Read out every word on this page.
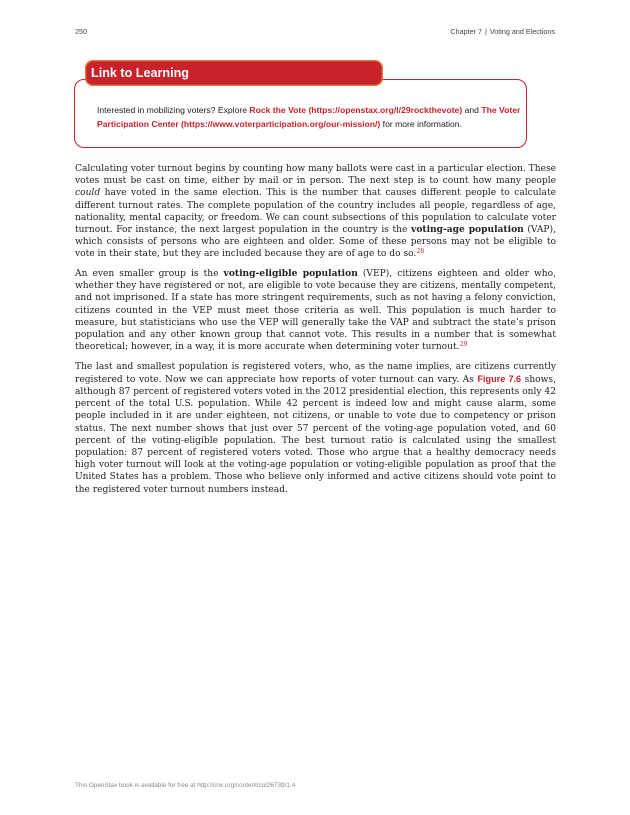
250	Chapter 7 | Voting and Elections
Link to Learning
Interested in mobilizing voters? Explore Rock the Vote (https://openstax.org/l/29rockthevote) and The Voter Participation Center (https://www.voterparticipation.org/our-mission/) for more information.

Calculating voter turnout begins by counting how many ballots were cast in a particular election. These votes must be cast on time, either by mail or in person. The next step is to count how many people could have voted in the same election. This is the number that causes different people to calculate different turnout rates. The complete population of the country includes all people, regardless of age, nationality, mental capacity, or freedom. We can count subsections of this population to calculate voter turnout. For instance, the next largest population in the country is the voting-age population (VAP), which consists of persons who are eighteen and older. Some of these persons may not be eligible to vote in their state, but they are included because they are of age to do so.$^{28}$

An even smaller group is the voting-eligible population (VEP), citizens eighteen and older who, whether they have registered or not, are eligible to vote because they are citizens, mentally competent, and not imprisoned. If a state has more stringent requirements, such as not having a felony conviction, citizens counted in the VEP must meet those criteria as well. This population is much harder to measure, but statisticians who use the VEP will generally take the VAP and subtract the state’s prison population and any other known group that cannot vote. This results in a number that is somewhat theoretical; however, in a way, it is more accurate when determining voter turnout.$^{29}$

The last and smallest population is registered voters, who, as the name implies, are citizens currently registered to vote. Now we can appreciate how reports of voter turnout can vary. As Figure 7.6 shows, although 87 percent of registered voters voted in the 2012 presidential election, this represents only 42 percent of the total U.S. population. While 42 percent is indeed low and might cause alarm, some people included in it are under eighteen, not citizens, or unable to vote due to competency or prison status. The next number shows that just over 57 percent of the voting-age population voted, and 60 percent of the voting-eligible population. The best turnout ratio is calculated using the smallest population: 87 percent of registered voters voted. Those who argue that a healthy democracy needs high voter turnout will look at the voting-age population or voting-eligible population as proof that the United States has a problem. Those who believe only informed and active citizens should vote point to the registered voter turnout numbers instead.

This OpenStax book is available for free at http://cnx.org/content/col26739/1.4
